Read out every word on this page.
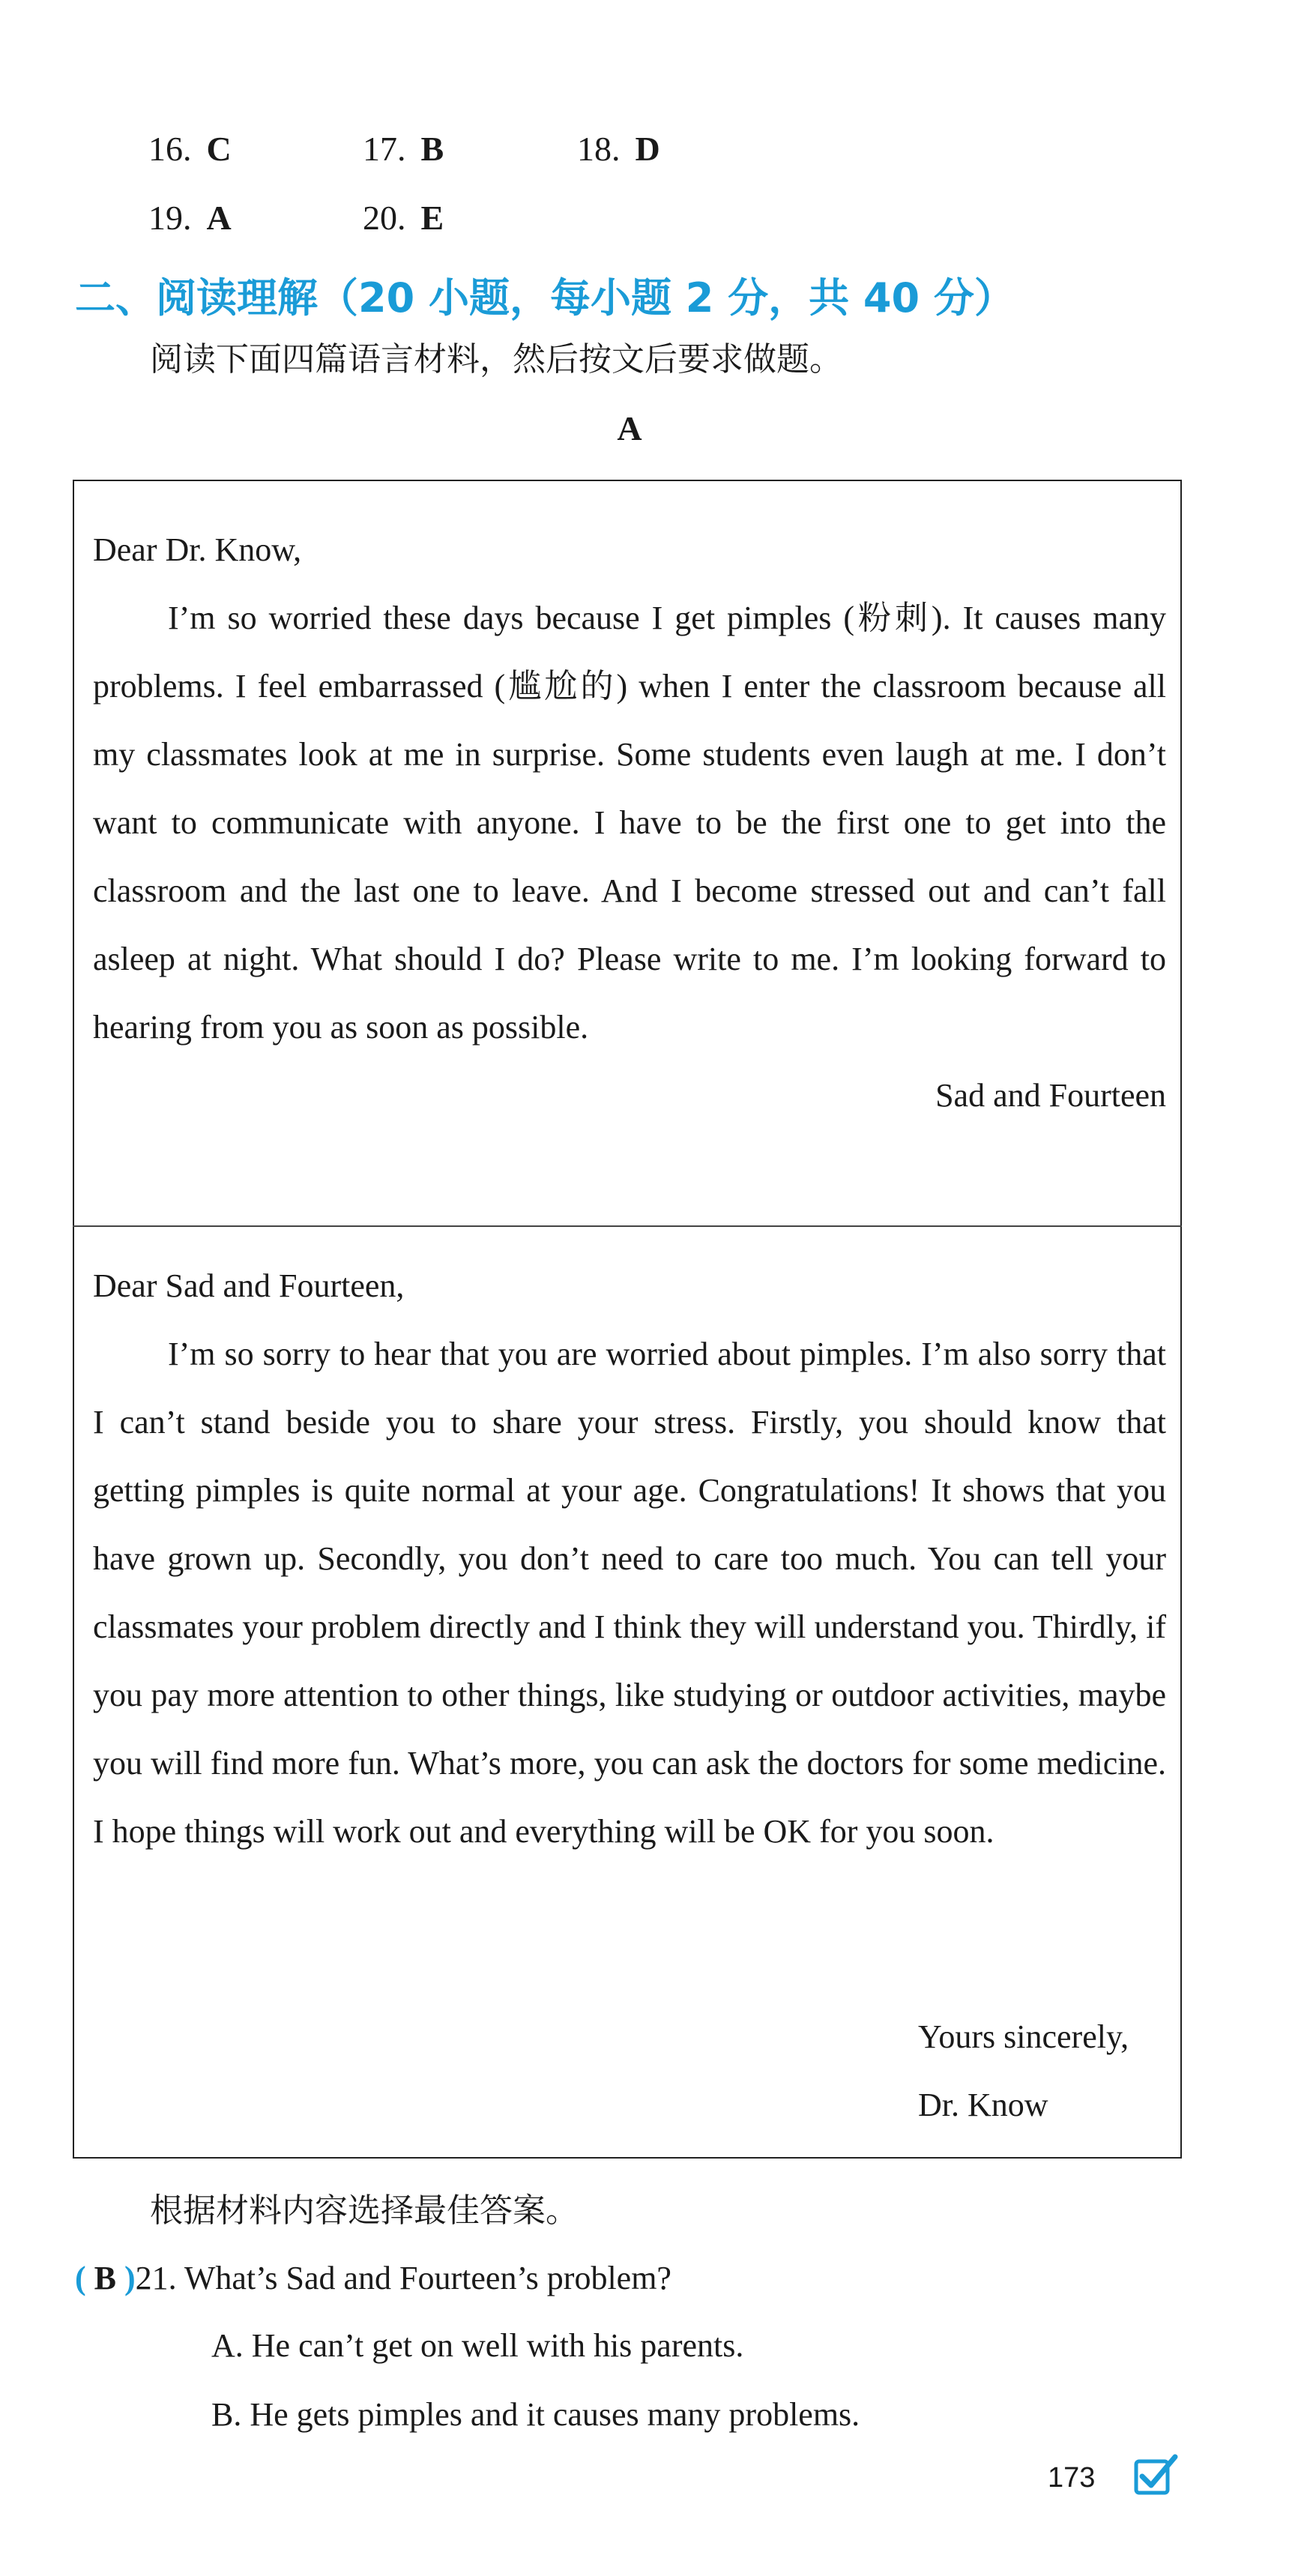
16. C	17. B	18. D
19. A	20. E
二、阅读理解（20 小题，每小题 2 分，共 40 分）
阅读下面四篇语言材料，然后按文后要求做题。
A

Dear Dr. Know,

I’m so worried these days because I get pimples (粉刺). It causes many problems. I feel embarrassed (尴尬的) when I enter the classroom because all my classmates look at me in surprise. Some students even laugh at me. I don’t want to communicate with anyone. I have to be the first one to get into the classroom and the last one to leave. And I become stressed out and can’t fall asleep at night. What should I do? Please write to me. I’m looking forward to hearing from you as soon as possible.

Sad and Fourteen

Dear Sad and Fourteen,

I’m so sorry to hear that you are worried about pimples. I’m also sorry that I can’t stand beside you to share your stress. Firstly, you should know that getting pimples is quite normal at your age. Congratulations! It shows that you have grown up. Secondly, you don’t need to care too much. You can tell your classmates your problem directly and I think they will understand you. Thirdly, if you pay more attention to other things, like studying or outdoor activities, maybe you will find more fun. What’s more, you can ask the doctors for some medicine. I hope things will work out and everything will be OK for you soon.

Yours sincerely,
Dr. Know
根据材料内容选择最佳答案。
( B )21. What’s Sad and Fourteen’s problem?
A. He can’t get on well with his parents.
B. He gets pimples and it causes many problems.
173
